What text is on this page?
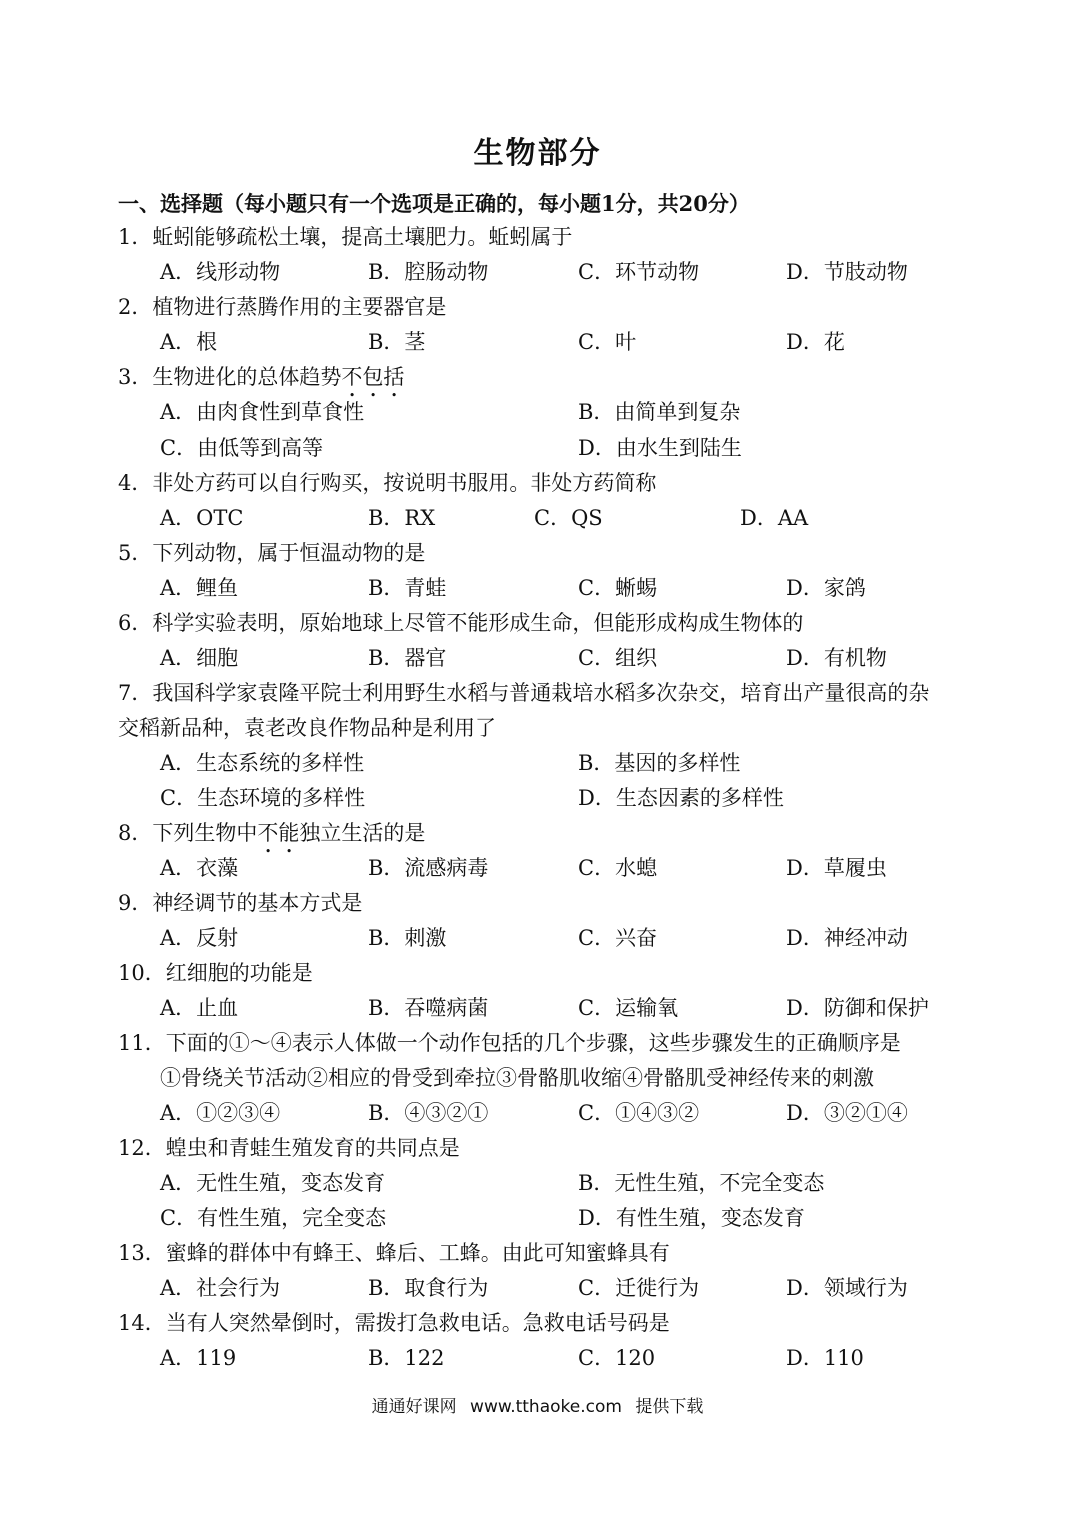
生物部分
一、选择题（每小题只有一个选项是正确的，每小题1分，共20分）
1．蚯蚓能够疏松土壤，提高土壤肥力。蚯蚓属于
A．线形动物	B．腔肠动物	C．环节动物	D．节肢动物
2．植物进行蒸腾作用的主要器官是
A．根	B．茎	C．叶	D．花
3．生物进化的总体趋势不包括
A．由肉食性到草食性	B．由简单到复杂
C．由低等到高等	D．由水生到陆生
4．非处方药可以自行购买，按说明书服用。非处方药简称
A．OTC	B．RX	C．QS	D．AA
5．下列动物，属于恒温动物的是
A．鲤鱼	B．青蛙	C．蜥蜴	D．家鸽
6．科学实验表明，原始地球上尽管不能形成生命，但能形成构成生物体的
A．细胞	B．器官	C．组织	D．有机物
7．我国科学家袁隆平院士利用野生水稻与普通栽培水稻多次杂交，培育出产量很高的杂
交稻新品种，袁老改良作物品种是利用了
A．生态系统的多样性	B．基因的多样性
C．生态环境的多样性	D．生态因素的多样性
8．下列生物中不能独立生活的是
A．衣藻	B．流感病毒	C．水螅	D．草履虫
9．神经调节的基本方式是
A．反射	B．刺激	C．兴奋	D．神经冲动
10．红细胞的功能是
A．止血	B．吞噬病菌	C．运输氧	D．防御和保护
11．下面的①～④表示人体做一个动作包括的几个步骤，这些步骤发生的正确顺序是
①骨绕关节活动②相应的骨受到牵拉③骨骼肌收缩④骨骼肌受神经传来的刺激
A．①②③④	B．④③②①	C．①④③②	D．③②①④
12．蝗虫和青蛙生殖发育的共同点是
A．无性生殖，变态发育	B．无性生殖，不完全变态
C．有性生殖，完全变态	D．有性生殖，变态发育
13．蜜蜂的群体中有蜂王、蜂后、工蜂。由此可知蜜蜂具有
A．社会行为	B．取食行为	C．迁徙行为	D．领域行为
14．当有人突然晕倒时，需拨打急救电话。急救电话号码是
A．119	B．122	C．120	D．110
通通好课网 www.tthaoke.com 提供下载
